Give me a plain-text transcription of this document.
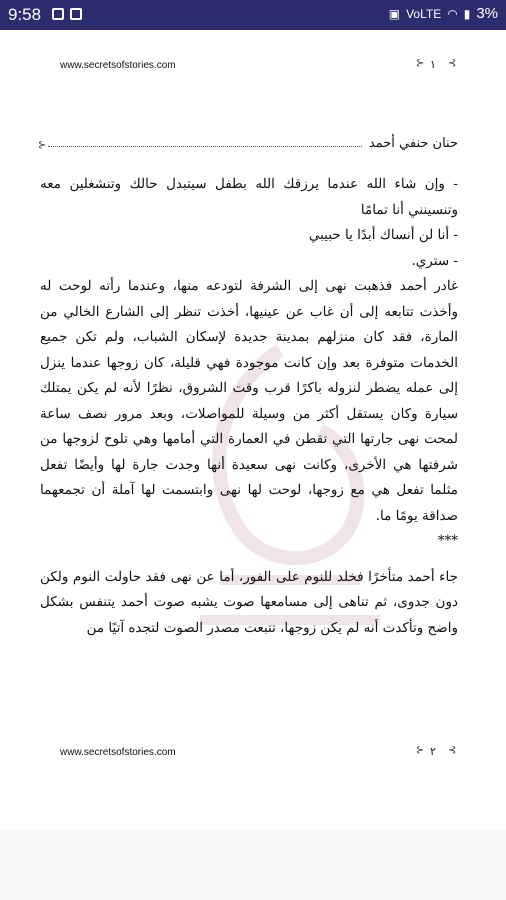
9:58	▣ VoLTE ◠ ▮ 3%
www.secretsofstories.com	⊰
١
⊱
حنان حنفي أحمد
⊱

- وإن شاء الله عندما يرزقك الله بطفل سيتبدل حالك وتنشغلين معه وتنسينني أنا تمامًا

- أنا لن أنساك أبدًا يا حبيبي

- ستري.

غادر أحمد فذهبت نهى إلى الشرفة لتودعه منها، وعندما رأته لوحت له وأخذت تتابعه إلى أن غاب عن عينيها، أخذت تنظر إلى الشارع الخالي من المارة، فقد كان منزلهم بمدينة جديدة لإسكان الشباب، ولم تكن جميع الخدمات متوفرة بعد وإن كانت موجودة فهي قليلة، كان زوجها عندما ينزل إلى عمله يضطر لنزوله باكرًا قرب وقت الشروق، نظرًا لأنه لم يكن يمتلك سيارة وكان يستقل أكثر من وسيلة للمواصلات، وبعد مرور نصف ساعة لمحت نهى جارتها التي تقطن في العمارة التي أمامها وهي تلوح لزوجها من شرفتها هي الأخرى، وكانت نهى سعيدة أنها وجدت جارة لها وأيضًا تفعل مثلما تفعل هي مع زوجها، لوحت لها نهى وابتسمت لها آملة أن تجمعهما صداقة يومًا ما.

***

جاء أحمد متأخرًا فخلد للنوم على الفور، أما عن نهى فقد حاولت النوم ولكن دون جدوى، ثم تناهى إلى مسامعها صوت يشبه صوت أحمد يتنفس بشكل واضح وتأكدت أنه لم يكن زوجها، تتبعت مصدر الصوت لتجده آتيًا من

www.secretsofstories.com	⊰
٢
⊱
